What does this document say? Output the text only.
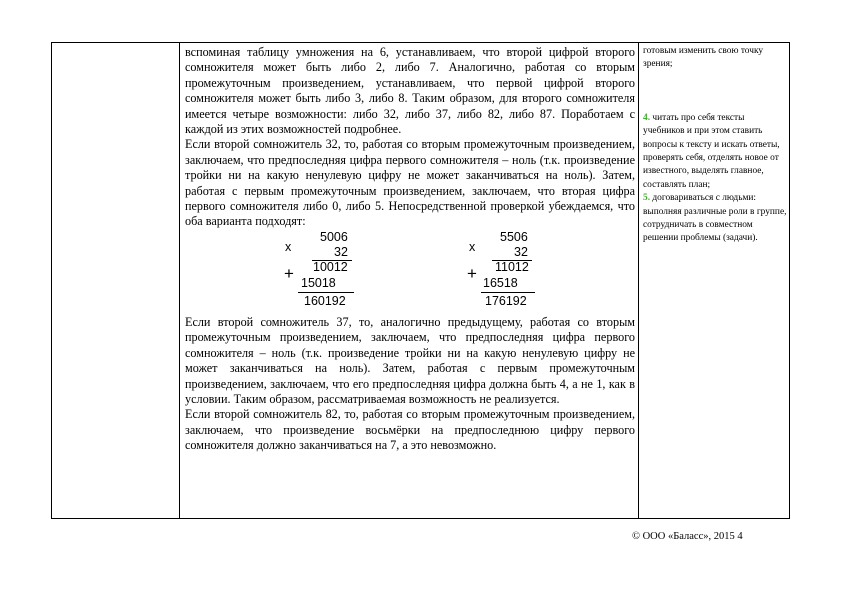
вспоминая таблицу умножения на 6, устанавливаем, что второй цифрой второго сомножителя может быть либо 2, либо 7. Аналогично, работая со вторым промежуточным произведением, устанавливаем, что первой цифрой второго сомножителя может быть либо 3, либо 8. Таким образом, для второго сомножителя имеется четыре возможности: либо 32, либо 37, либо 82, либо 87. Поработаем с каждой из этих возможностей подробнее.

Если второй сомножитель 32, то, работая со вторым промежуточным произведением, заключаем, что предпоследняя цифра первого сомножителя – ноль (т.к. произведение тройки ни на какую ненулевую цифру не может заканчиваться на ноль). Затем, работая с первым промежуточным произведением, заключаем, что вторая цифра первого сомножителя либо 0, либо 5. Непосредственной проверкой убеждаемся, что оба варианта подходят:

x
5006
32
+ 10012
15018
160192
x
5506
32
+ 11012
16518
176192

Если второй сомножитель 37, то, аналогично предыдущему, работая со вторым промежуточным произведением, заключаем, что предпоследняя цифра первого сомножителя – ноль (т.к. произведение тройки ни на какую ненулевую цифру не может заканчиваться на ноль). Затем, работая с первым промежуточным произведением, заключаем, что его предпоследняя цифра должна быть 4, а не 1, как в условии. Таким образом, рассматриваемая возможность не реализуется.

Если второй сомножитель 82, то, работая со вторым промежуточным произведением, заключаем, что произведение восьмёрки на предпоследнюю цифру первого сомножителя должно заканчиваться на 7, а это невозможно.

готовым изменить свою точку зрения;

4. читать про себя тексты учебников и при этом ставить вопросы к тексту и искать ответы, проверять себя, отделять новое от известного, выделять главное, составлять план;

5. договариваться с людьми: выполняя различные роли в группе, сотрудничать в совместном решении проблемы (задачи).

© ООО «Баласс», 2015 4
